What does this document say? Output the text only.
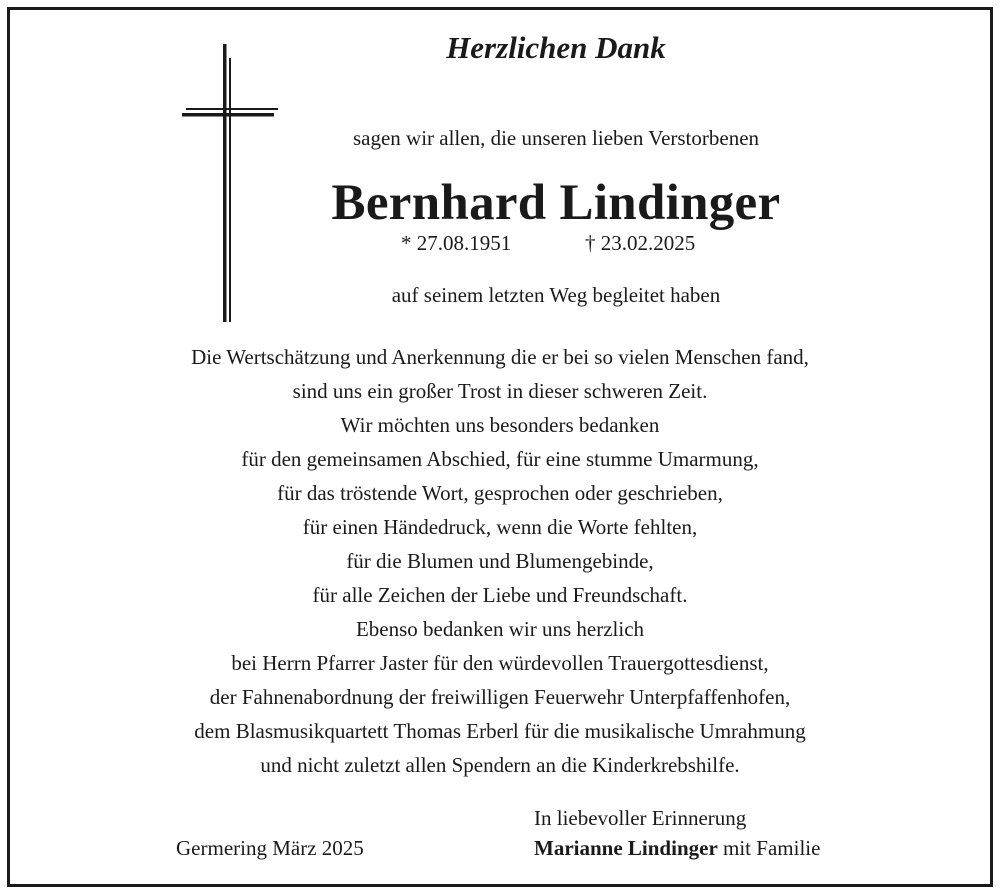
Herzlichen Dank
sagen wir allen, die unseren lieben Verstorbenen
Bernhard Lindinger
* 27.08.1951	† 23.02.2025
auf seinem letzten Weg begleitet haben
Die Wertschätzung und Anerkennung die er bei so vielen Menschen fand,
sind uns ein großer Trost in dieser schweren Zeit.
Wir möchten uns besonders bedanken
für den gemeinsamen Abschied, für eine stumme Umarmung,
für das tröstende Wort, gesprochen oder geschrieben,
für einen Händedruck, wenn die Worte fehlten,
für die Blumen und Blumengebinde,
für alle Zeichen der Liebe und Freundschaft.
Ebenso bedanken wir uns herzlich
bei Herrn Pfarrer Jaster für den würdevollen Trauergottesdienst,
der Fahnenabordnung der freiwilligen Feuerwehr Unterpfaffenhofen,
dem Blasmusikquartett Thomas Erberl für die musikalische Umrahmung
und nicht zuletzt allen Spendern an die Kinderkrebshilfe.
Germering März 2025
In liebevoller Erinnerung
Marianne Lindinger mit Familie
